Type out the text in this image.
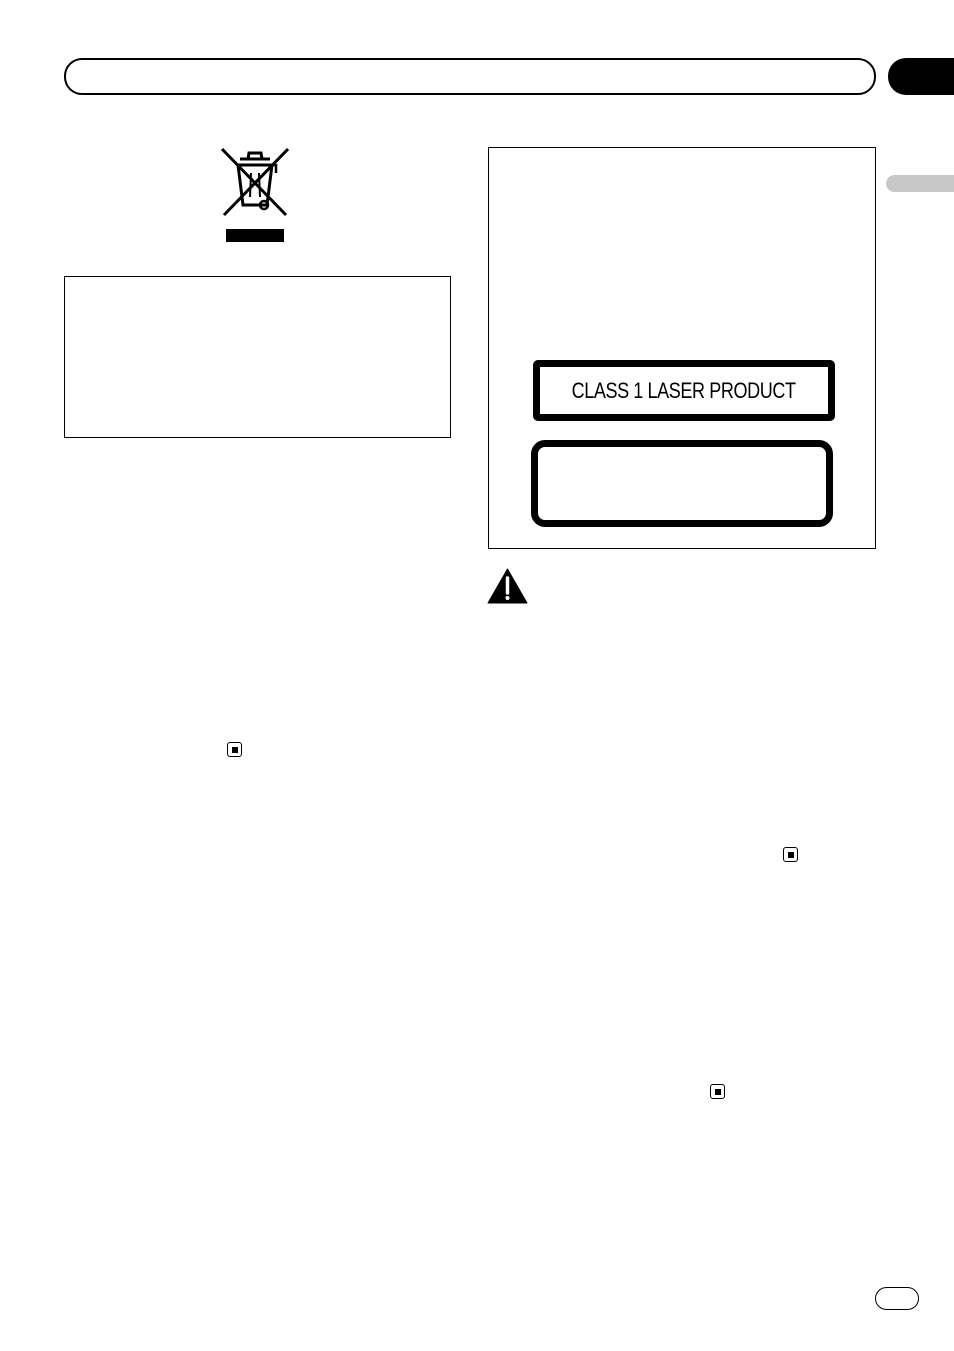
CLASS 1 LASER PRODUCT
